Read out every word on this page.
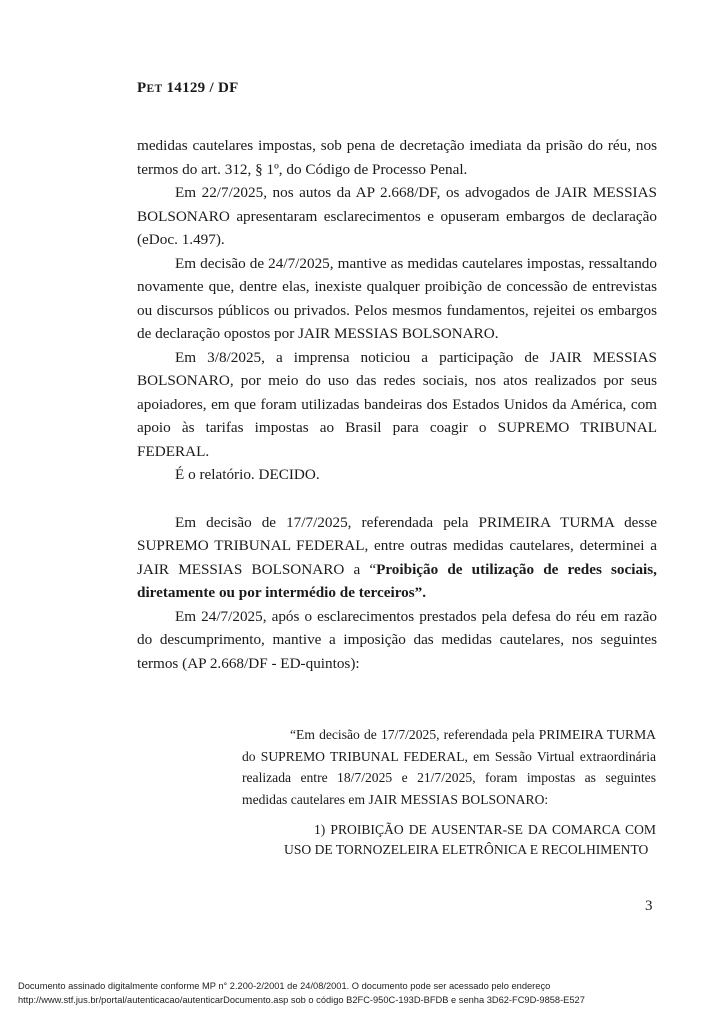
PET 14129 / DF

medidas cautelares impostas, sob pena de decretação imediata da prisão do réu, nos termos do art. 312, § 1º, do Código de Processo Penal.

Em 22/7/2025, nos autos da AP 2.668/DF, os advogados de JAIR MESSIAS BOLSONARO apresentaram esclarecimentos e opuseram embargos de declaração (eDoc. 1.497).

Em decisão de 24/7/2025, mantive as medidas cautelares impostas, ressaltando novamente que, dentre elas, inexiste qualquer proibição de concessão de entrevistas ou discursos públicos ou privados. Pelos mesmos fundamentos, rejeitei os embargos de declaração opostos por JAIR MESSIAS BOLSONARO.

Em 3/8/2025, a imprensa noticiou a participação de JAIR MESSIAS BOLSONARO, por meio do uso das redes sociais, nos atos realizados por seus apoiadores, em que foram utilizadas bandeiras dos Estados Unidos da América, com apoio às tarifas impostas ao Brasil para coagir o SUPREMO TRIBUNAL FEDERAL.

É o relatório. DECIDO.

Em decisão de 17/7/2025, referendada pela PRIMEIRA TURMA desse SUPREMO TRIBUNAL FEDERAL, entre outras medidas cautelares, determinei a JAIR MESSIAS BOLSONARO a “Proibição de utilização de redes sociais, diretamente ou por intermédio de terceiros”.

Em 24/7/2025, após o esclarecimentos prestados pela defesa do réu em razão do descumprimento, mantive a imposição das medidas cautelares, nos seguintes termos (AP 2.668/DF - ED-quintos):

“Em decisão de 17/7/2025, referendada pela PRIMEIRA TURMA do SUPREMO TRIBUNAL FEDERAL, em Sessão Virtual extraordinária realizada entre 18/7/2025 e 21/7/2025, foram impostas as seguintes medidas cautelares em JAIR MESSIAS BOLSONARO:

1) PROIBIÇÃO DE AUSENTAR-SE DA COMARCA COM USO DE TORNOZELEIRA ELETRÔNICA E RECOLHIMENTO

3
Documento assinado digitalmente conforme MP n° 2.200-2/2001 de 24/08/2001. O documento pode ser acessado pelo endereço
http://www.stf.jus.br/portal/autenticacao/autenticarDocumento.asp sob o código B2FC-950C-193D-BFDB e senha 3D62-FC9D-9858-E527
